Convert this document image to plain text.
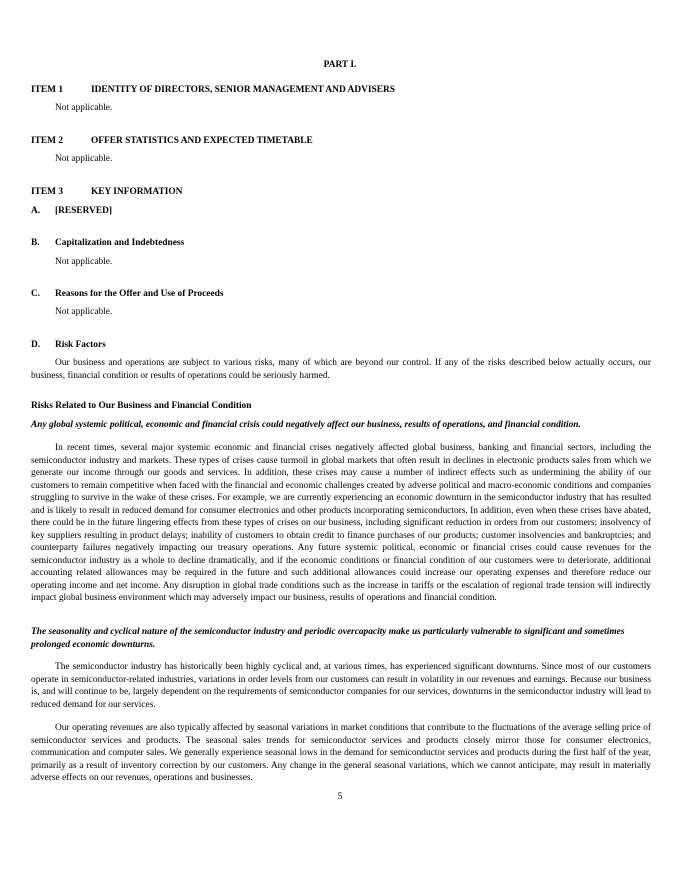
PART I.
ITEM 1	IDENTITY OF DIRECTORS, SENIOR MANAGEMENT AND ADVISERS
Not applicable.
ITEM 2	OFFER STATISTICS AND EXPECTED TIMETABLE
Not applicable.
ITEM 3	KEY INFORMATION
A. [RESERVED]
B. Capitalization and Indebtedness
Not applicable.
C. Reasons for the Offer and Use of Proceeds
Not applicable.
D. Risk Factors
Our business and operations are subject to various risks, many of which are beyond our control. If any of the risks described below actually occurs, our business, financial condition or results of operations could be seriously harmed.
Risks Related to Our Business and Financial Condition
Any global systemic political, economic and financial crisis could negatively affect our business, results of operations, and financial condition.
In recent times, several major systemic economic and financial crises negatively affected global business, banking and financial sectors, including the semiconductor industry and markets. These types of crises cause turmoil in global markets that often result in declines in electronic products sales from which we generate our income through our goods and services. In addition, these crises may cause a number of indirect effects such as undermining the ability of our customers to remain competitive when faced with the financial and economic challenges created by adverse political and macro-economic conditions and companies struggling to survive in the wake of these crises. For example, we are currently experiencing an economic downturn in the semiconductor industry that has resulted and is likely to result in reduced demand for consumer electronics and other products incorporating semiconductors. In addition, even when these crises have abated, there could be in the future lingering effects from these types of crises on our business, including significant reduction in orders from our customers; insolvency of key suppliers resulting in product delays; inability of customers to obtain credit to finance purchases of our products; customer insolvencies and bankruptcies; and counterparty failures negatively impacting our treasury operations. Any future systemic political, economic or financial crises could cause revenues for the semiconductor industry as a whole to decline dramatically, and if the economic conditions or financial condition of our customers were to deteriorate, additional accounting related allowances may be required in the future and such additional allowances could increase our operating expenses and therefore reduce our operating income and net income. Any disruption in global trade conditions such as the increase in tariffs or the escalation of regional trade tension will indirectly impact global business environment which may adversely impact our business, results of operations and financial condition.
The seasonality and cyclical nature of the semiconductor industry and periodic overcapacity make us particularly vulnerable to significant and sometimes prolonged economic downturns.
The semiconductor industry has historically been highly cyclical and, at various times, has experienced significant downturns. Since most of our customers operate in semiconductor-related industries, variations in order levels from our customers can result in volatility in our revenues and earnings. Because our business is, and will continue to be, largely dependent on the requirements of semiconductor companies for our services, downturns in the semiconductor industry will lead to reduced demand for our services.
Our operating revenues are also typically affected by seasonal variations in market conditions that contribute to the fluctuations of the average selling price of semiconductor services and products. The seasonal sales trends for semiconductor services and products closely mirror those for consumer electronics, communication and computer sales. We generally experience seasonal lows in the demand for semiconductor services and products during the first half of the year, primarily as a result of inventory correction by our customers. Any change in the general seasonal variations, which we cannot anticipate, may result in materially adverse effects on our revenues, operations and businesses.
5
